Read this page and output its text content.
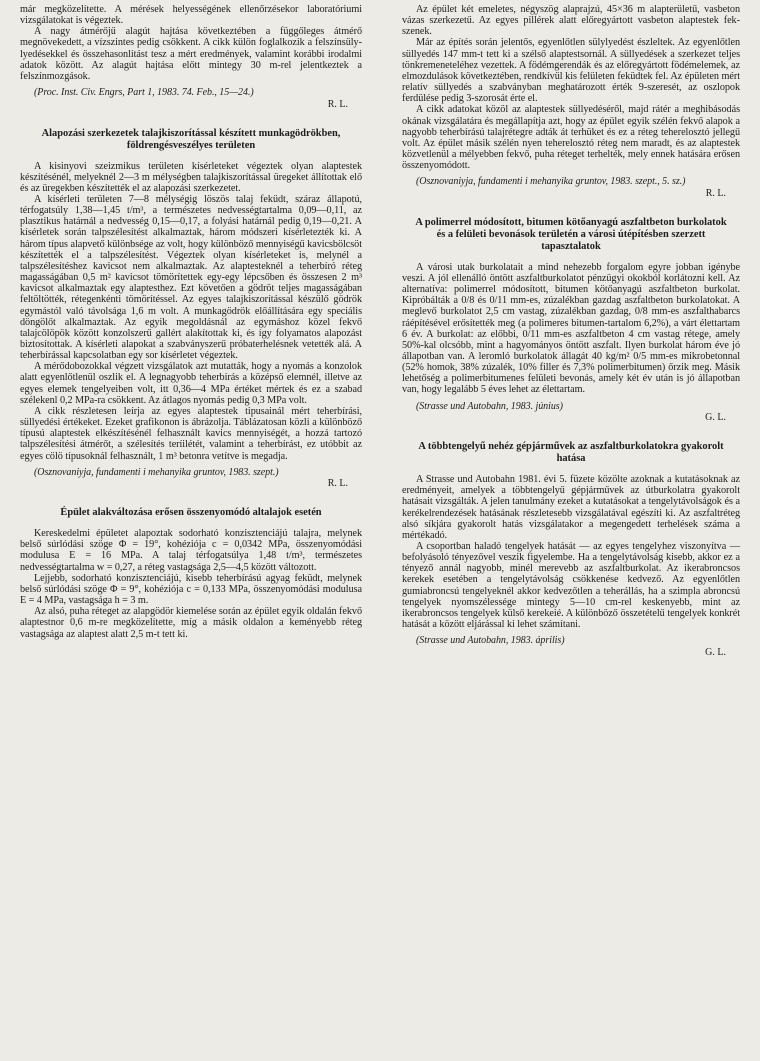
már megközelítette. A mérések helyességének ellenőrzésekor laboratóriumi vizsgálatokat is végeztek.

A nagy átmérőjű alagút hajtása következtében a függőleges átmérő megnövekedett, a vízszintes pedig csökkent. A cikk külön foglalkozik a felszínsülylyedésekkel és összehasonlítást tesz a mért eredmények, valamint korábbi irodalmi adatok között. Az alagút hajtása előtt mintegy 30 m-rel jelentkeztek a felszínmozgások.

(Proc. Inst. Civ. Engrs, Part 1, 1983. 74. Feb., 15—24.)

R. L.
Alapozási szerkezetek talajkiszorítással készített munkagödrökben, földrengésveszélyes területen

A kisinyovi szeizmikus területen kísérleteket végeztek olyan alaptestek készítésénél, melyeknél 2—3 m mélységben talajkiszorítással üregeket állítottak elő és az üregekben készítették el az alapozási szerkezetet.

A kísérleti területen 7—8 mélységig löszös talaj feküdt, száraz állapotú, térfogatsúly 1,38—1,45 t/m³, a természetes nedvességtartalma 0,09—0,11, az plasztikus határnál a nedvesség 0,15—0,17, a folyási határnál pedig 0,19—0,21. A kísérletek során talpszélesítést alkalmaztak, három módszeri kísérletezték ki. A három típus alapvető különbsége az volt, hogy különböző mennyiségű kavicsbölcsöt készítették el a talpszélesítést. Végeztek olyan kísérleteket is, melynél a talpszélesítéshez kavicsot nem alkalmaztak. Az alaptesteknél a teherbíró réteg magasságában 0,5 m² kavicsot tömörítettek egy-egy lépcsőben és összesen 2 m³ kavicsot alkalmaztak egy alaptesthez. Ezt követően a gödröt teljes magasságában feltöltötték, rétegenkénti tömörítéssel. Az egyes talajkiszorítással készülő gödrök egymástól való távolsága 1,6 m volt. A munkagödrök előállítására egy speciális döngölőt alkalmaztak. Az egyik megoldásnál az egymáshoz közel fekvő talajcölöpök között konzolszerű gallért alakítottak ki, és így folyamatos alapozást biztosítottak. A kísérleti alapokat a szabványszerű próbaterhelésnek vetették alá. A teherbírással kapcsolatban egy sor kísérletet végeztek.

A mérődobozokkal végzett vizsgálatok azt mutatták, hogy a nyomás a konzolok alatt egyenlőtlenül oszlik el. A legnagyobb teherbírás a középső elemnél, illetve az egyes elemek tengelyeiben volt, itt 0,36—4 MPa értéket mértek és ez a szabad szélekenl 0,2 MPa-ra csökkent. Az átlagos nyomás pedig 0,3 MPa volt.

A cikk részletesen leírja az egyes alaptestek tipusainál mért teherbírási, süllyedési értékeket. Ezeket grafikonon is ábrázolja. Táblázatosan közli a különböző típusú alaptestek elkészítésénél felhasznált kavics mennyiségét, a hozzá tartozó talpszélesítési átmérőt, a szélesítés teríilétét, valamint a teherbírást, ez utóbbit az egyes cölö típusoknál felhasznált, 1 m³ betonra vetítve is megadja.

(Osznovaniyja, fundamenti i mehanyika gruntov, 1983. szept.)

R. L.
Épület alakváltozása erősen összenyomódó altalajok esetén

Kereskedelmi épületet alapoztak sodorható konzisztenciájú talajra, melynek belső súrlódási szöge Φ = 19°, kohéziója c = 0,0342 MPa, összenyomódási modulusa E = 16 MPa. A talaj térfogatsúlya 1,48 t/m³, természetes nedvességtartalma w = 0,27, a réteg vastagsága 2,5—4,5 között változott.

Lejjebb, sodorható konzisztenciájú, kisebb teherbírású agyag feküdt, melynek belső súrlódási szöge Φ = 9°, kohéziója c = 0,133 MPa, összenyomódási modulusa E = 4 MPa, vastagsága h = 3 m.

Az alsó, puha réteget az alapgödör kiemelése során az épület egyik oldalán fekvő alaptestnor 0,6 m-re megközelítette, míg a másik oldalon a keményebb réteg vastagsága az alaptest alatt 2,5 m-t tett ki.

Az épület két emeletes, négyszög alaprajzú, 45×36 m alapterületű, vasbeton vázas szerkezetű. Az egyes pillérek alatt előregyártott vasbeton alaptestek fekszenek.

Már az építés során jelentős, egyenlőtlen sülylyedést észleltek. Az egyenlőtlen süllyedés 147 mm-t tett ki a szélső alaptestsornál. A süllyedések a szerkezet teljes tönkremeneteléhez vezettek. A födémgerendák és az előregyártott födémelemek, az elmozdulások következtében, rendkívül kis felületen feküdtek fel. Az épületen mért relatív süllyedés a szabványban meghatározott érték 9-szeresét, az oszlopok ferdülése pedig 3-szorosát érte el.

A cikk adatokat közöl az alaptestek süllyedéséről, majd rátér a meghibásodás okának vizsgálatára és megállapítja azt, hogy az épület egyik szélén fekvő alapok a nagyobb teherbírású talajrétegre adták át terhüket és ez a réteg teherelosztó jellegű volt. Az épület másik szélén nyen teherelosztó réteg nem maradt, és az alaptestek közvetlenül a mélyebben fekvő, puha réteget terhelték, mely ennek hatására erősen összenyomódott.

(Osznovaniyja, fundamenti i mehanyika gruntov, 1983. szept., 5. sz.)

R. L.
A polimerrel módosított, bitumen kötőanyagú aszfaltbeton burkolatok és a felületi bevonások területén a városi útépítésben szerzett tapasztalatok

A városi utak burkolatait a mind nehezebb forgalom egyre jobban igénybe veszi. A jól ellenálló öntött aszfaltburkolatot pénzügyi okokból korlátozni kell. Az alternatíva: polimerrel módosított, bitumen kötőanyagú aszfaltbeton burkolat. Kipróbálták a 0/8 és 0/11 mm-es, zúzalékban gazdag aszfaltbeton burkolatokat. A meglevő burkolatot 2,5 cm vastag, zúzalékban gazdag, 0/8 mm-es aszfalthabarcs ráépítésével erősítették meg (a polimeres bitumen-tartalom 6,2%), a várt élettartam 6 év. A burkolat: az előbbi, 0/11 mm-es aszfaltbeton 4 cm vastag rétege, amely 50%-kal olcsóbb, mint a hagyományos öntött aszfalt. Ilyen burkolat három éve jó állapotban van. A leromló burkolatok állagát 40 kg/m² 0/5 mm-es mikrobetonnal (52% homok, 38% zúzalék, 10% filler és 7,3% polimerbitumen) őrzik meg. Másik lehetőség a polimerbitumenes felületi bevonás, amely két év után is jó állapotban van, hogy legalább 5 éves lehet az élettartam.

(Strasse und Autobahn, 1983. június)

G. L.
A többtengelyű nehéz gépjárművek az aszfaltburkolatokra gyakorolt hatása

A Strasse und Autobahn 1981. évi 5. füzete közölte azoknak a kutatásoknak az eredményeit, amelyek a többtengelyű gépjárművek az útburkolatra gyakorolt hatásait vizsgálták. A jelen tanulmány ezeket a kutatásokat a tengelytávolságok és a kerékelrendezések hatásának részletesebb vizsgálatával egészíti ki. Az aszfaltréteg alsó síkjára gyakorolt hatás vizsgálatakor a megengedett terhelések száma a mértékadó.

A csoportban haladó tengelyek hatását — az egyes tengelyhez viszonyítva — befolyásoló tényezővel veszik figyelembe. Ha a tengelytávolság kisebb, akkor ez a tényező annál nagyobb, minél merevebb az aszfaltburkolat. Az ikerabroncsos kerekek esetében a tengelytávolság csökkenése kedvező. Az egyenlőtlen gumiabroncsú tengelyeknél akkor kedvezőtlen a teherállás, ha a szimpla abroncsú tengelyek nyomszélessége mintegy 5—10 cm-rel keskenyebb, mint az ikerabroncsos tengelyek külső kerekeié. A különböző összetételű tengelyek konkrét hatását a között eljárással ki lehet számítani.

(Strasse und Autobahn, 1983. április)

G. L.
